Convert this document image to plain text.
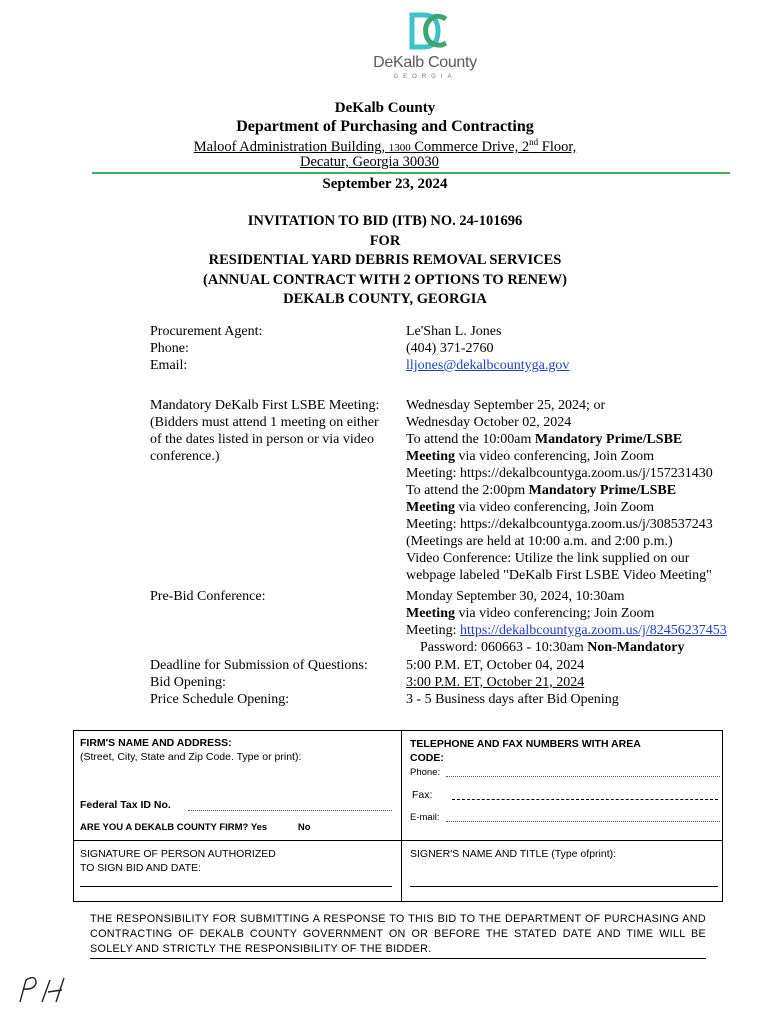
DeKalb County
GEORGIA
DeKalb County
Department of Purchasing and Contracting
Maloof Administration Building, 1300 Commerce Drive, 2nd Floor,
Decatur, Georgia 30030
September 23, 2024
INVITATION TO BID (ITB) NO. 24-101696
FOR
RESIDENTIAL YARD DEBRIS REMOVAL SERVICES
(ANNUAL CONTRACT WITH 2 OPTIONS TO RENEW)
DEKALB COUNTY, GEORGIA
Procurement Agent:
Phone:
Email:
Le'Shan L. Jones
(404) 371-2760
lljones@dekalbcountyga.gov
Mandatory DeKalb First LSBE Meeting:
(Bidders must attend 1 meeting on either
of the dates listed in person or via video
conference.)
Wednesday September 25, 2024; or
Wednesday October 02, 2024
To attend the 10:00am Mandatory Prime/LSBE
Meeting via video conferencing, Join Zoom
Meeting: https://dekalbcountyga.zoom.us/j/157231430
To attend the 2:00pm Mandatory Prime/LSBE
Meeting via video conferencing, Join Zoom
Meeting: https://dekalbcountyga.zoom.us/j/308537243
(Meetings are held at 10:00 a.m. and 2:00 p.m.)
Video Conference: Utilize the link supplied on our
webpage labeled "DeKalb First LSBE Video Meeting"
Pre-Bid Conference:	Monday September 30, 2024, 10:30am
Meeting via video conferencing; Join Zoom
Meeting: https://dekalbcountyga.zoom.us/j/82456237453
Password: 060663 - 10:30am Non-Mandatory
Deadline for Submission of Questions:
Bid Opening:
Price Schedule Opening:
5:00 P.M. ET, October 04, 2024
3:00 P.M. ET, October 21, 2024
3 - 5 Business days after Bid Opening
FIRM'S NAME AND ADDRESS:
(Street, City, State and Zip Code. Type or print):
Federal Tax ID No.
ARE YOU A DEKALB COUNTY FIRM? Yes	No
TELEPHONE AND FAX NUMBERS WITH AREA
CODE:
Phone:
Fax:
E-mail:
SIGNATURE OF PERSON AUTHORIZED
TO SIGN BID AND DATE:
SIGNER'S NAME AND TITLE (Type ofprint):
THE RESPONSIBILITY FOR SUBMITTING A RESPONSE TO THIS BID TO THE DEPARTMENT OF PURCHASING AND CONTRACTING OF DEKALB COUNTY GOVERNMENT ON OR BEFORE THE STATED DATE AND TIME WILL BE SOLELY AND STRICTLY THE RESPONSIBILITY OF THE BIDDER.
